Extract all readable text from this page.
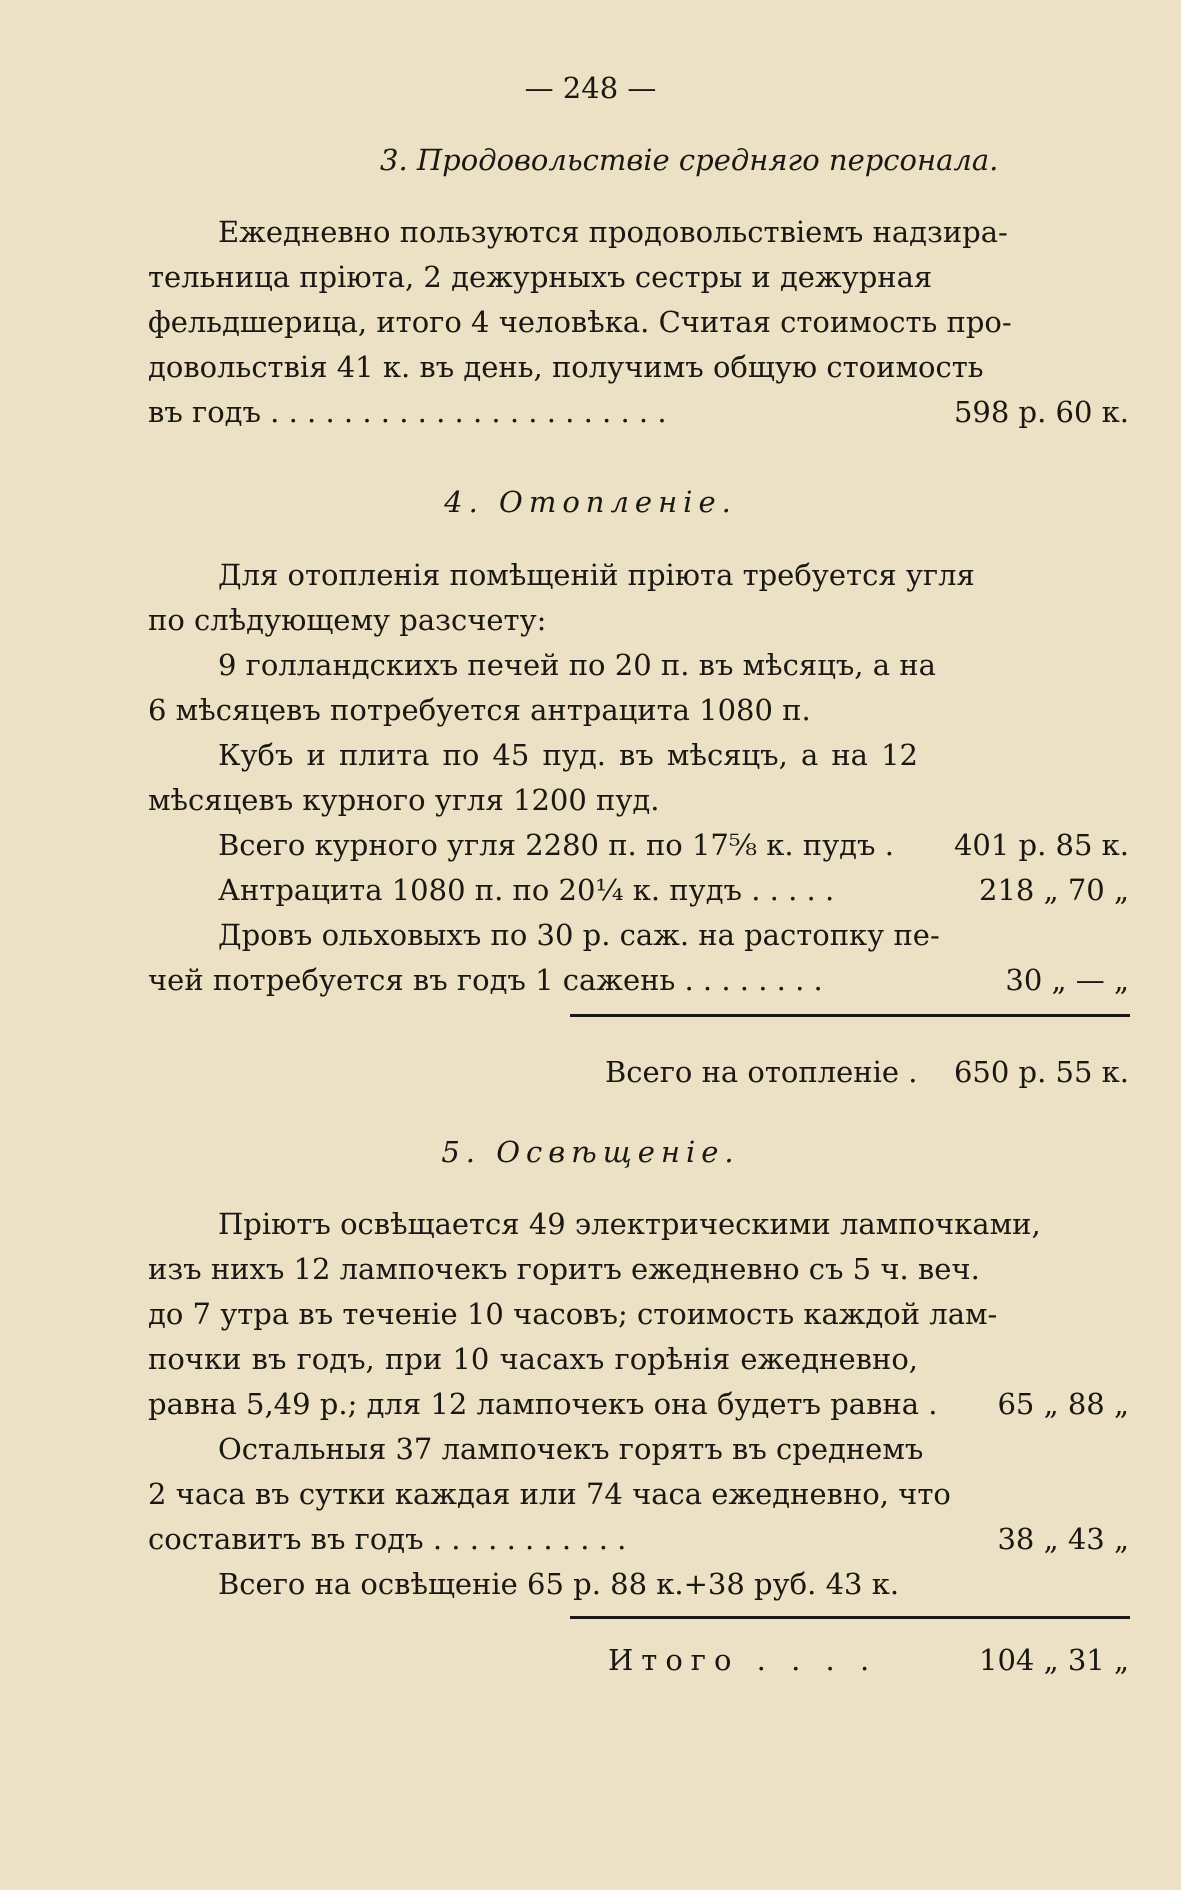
— 248 —
3. Продовольствіе средняго персонала.
Ежедневно пользуются продовольствіемъ надзира-
тельница пріюта, 2 дежурныхъ сестры и дежурная
фельдшерица, итого 4 человѣка. Считая стоимость про-
довольствія 41 к. въ день, получимъ общую стоимость
въ годъ . . . . . . . . . . . . . . . . . . . . . .	598 р. 60 к.
4. Отопленіе.
Для отопленія помѣщеній пріюта требуется угля
по слѣдующему разсчету:
9 голландскихъ печей по 20 п. въ мѣсяцъ, а на
6 мѣсяцевъ потребуется антрацита 1080 п.
Кубъ и плита по 45 пуд. въ мѣсяцъ, а на 12
мѣсяцевъ курного угля 1200 пуд.
Всего курного угля 2280 п. по 17⅝ к. пудъ . 401 р. 85 к.
Антрацита 1080 п. по 20¼ к. пудъ . . . . .	218 „ 70 „
Дровъ ольховыхъ по 30 р. саж. на растопку пе-
чей потребуется въ годъ 1 сажень . . . . . . . .	30 „ — „
Всего на отопленіе . 650 р. 55 к.
5. Освѣщеніе.
Пріютъ освѣщается 49 электрическими лампочками,
изъ нихъ 12 лампочекъ горитъ ежедневно съ 5 ч. веч.
до 7 утра въ теченіе 10 часовъ; стоимость каждой лам-
почки въ годъ, при 10 часахъ горѣнія ежедневно,
равна 5,49 р.; для 12 лампочекъ она будетъ равна . 65 „ 88 „
Остальныя 37 лампочекъ горятъ въ среднемъ
2 часа въ сутки каждая или 74 часа ежедневно, что
составитъ въ годъ . . . . . . . . . . .	38 „ 43 „
Всего на освѣщеніе 65 р. 88 к.+38 руб. 43 к.
Итого . . . .	104 „ 31 „
